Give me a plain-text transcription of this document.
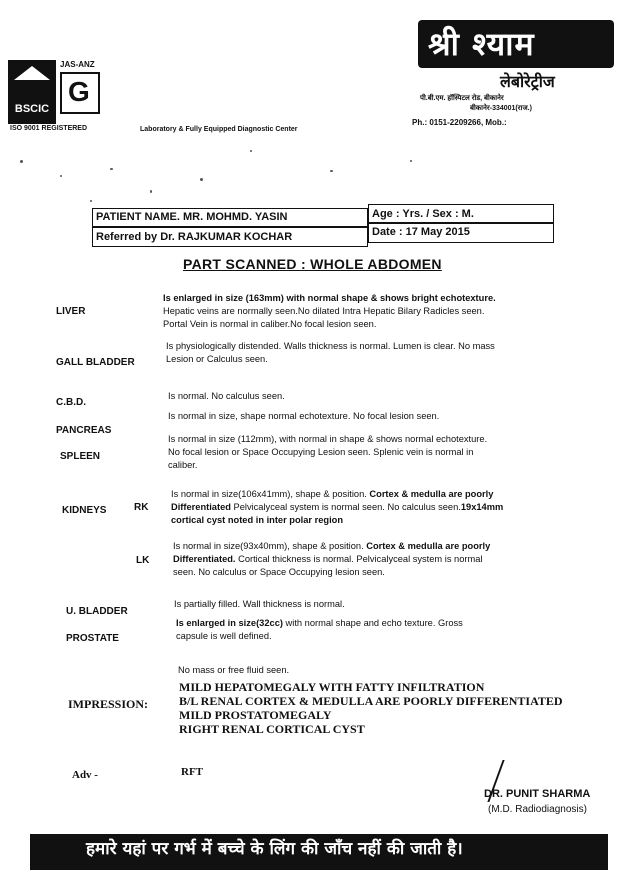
BSCIC
JAS-ANZ
G
ISO 9001 REGISTERED	Laboratory & Fully Equipped Diagnostic Center
श्री श्याम
लेबोरेट्रीज
पी.बी.एम. हॉस्पिटल रोड, बीकानेर
बीकानेर-334001(राज.)
Ph.: 0151-2209266, Mob.:
PATIENT NAME. MR. MOHMD. YASIN
Referred by Dr. RAJKUMAR KOCHAR
Age : Yrs. / Sex : M.
Date : 17 May 2015
PART SCANNED : WHOLE ABDOMEN
LIVER
Is enlarged in size (163mm) with normal shape & shows bright echotexture.
Hepatic veins are normally seen.No dilated Intra Hepatic Bilary Radicles seen.
Portal Vein is normal in caliber.No focal lesion seen.
GALL BLADDER
Is physiologically distended. Walls thickness is normal. Lumen is clear. No mass
Lesion or Calculus seen.
C.B.D.
Is normal. No calculus seen.
PANCREAS
Is normal in size, shape normal echotexture. No focal lesion seen.
SPLEEN
Is normal in size (112mm), with normal in shape & shows normal echotexture.
No focal lesion or Space Occupying Lesion seen. Splenic vein is normal in
caliber.
KIDNEYS	RK
Is normal in size(106x41mm), shape & position. Cortex & medulla are poorly
Differentiated Pelvicalyceal system is normal seen. No calculus seen.19x14mm
cortical cyst noted in inter polar region
LK
Is normal in size(93x40mm), shape & position. Cortex & medulla are poorly
Differentiated. Cortical thickness is normal. Pelvicalyceal system is normal
seen. No calculus or Space Occupying lesion seen.
U. BLADDER
Is partially filled. Wall thickness is normal.
PROSTATE
Is enlarged in size(32cc) with normal shape and echo texture. Gross
capsule is well defined.
No mass or free fluid seen.
IMPRESSION:
MILD HEPATOMEGALY WITH FATTY INFILTRATION
B/L RENAL CORTEX & MEDULLA ARE POORLY DIFFERENTIATED
MILD PROSTATOMEGALY
RIGHT RENAL CORTICAL CYST
Adv -	RFT
DR. PUNIT SHARMA
(M.D. Radiodiagnosis)
हमारे यहां पर गर्भ में बच्चे के लिंग की जाँच नहीं की जाती है।
